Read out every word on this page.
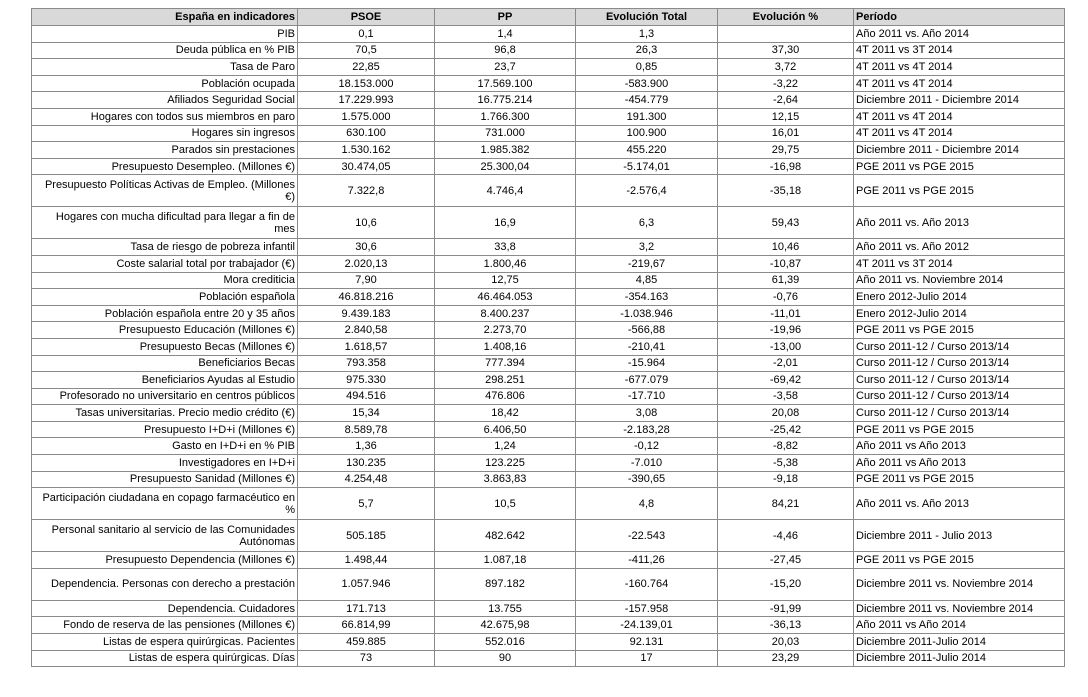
España en indicadores	PSOE	PP	Evolución Total	Evolución %	Período
PIB	0,1	1,4	1,3		Año 2011 vs. Año 2014
Deuda pública en % PIB	70,5	96,8	26,3	37,30	4T 2011 vs 3T 2014
Tasa de Paro	22,85	23,7	0,85	3,72	4T 2011 vs 4T 2014
Población ocupada	18.153.000	17.569.100	-583.900	-3,22	4T 2011 vs 4T 2014
Afiliados Seguridad Social	17.229.993	16.775.214	-454.779	-2,64	Diciembre 2011 - Diciembre 2014
Hogares con todos sus miembros en paro	1.575.000	1.766.300	191.300	12,15	4T 2011 vs 4T 2014
Hogares sin ingresos	630.100	731.000	100.900	16,01	4T 2011 vs 4T 2014
Parados sin prestaciones	1.530.162	1.985.382	455.220	29,75	Diciembre 2011 - Diciembre 2014
Presupuesto Desempleo. (Millones €)	30.474,05	25.300,04	-5.174,01	-16,98	PGE 2011 vs PGE 2015
Presupuesto Políticas Activas de Empleo. (Millones €)	7.322,8	4.746,4	-2.576,4	-35,18	PGE 2011 vs PGE 2015
Hogares con mucha dificultad para llegar a fin de mes	10,6	16,9	6,3	59,43	Año 2011 vs. Año 2013
Tasa de riesgo de pobreza infantil	30,6	33,8	3,2	10,46	Año 2011 vs. Año 2012
Coste salarial total por trabajador (€)	2.020,13	1.800,46	-219,67	-10,87	4T 2011 vs 3T 2014
Mora crediticia	7,90	12,75	4,85	61,39	Año 2011 vs. Noviembre 2014
Población española	46.818.216	46.464.053	-354.163	-0,76	Enero 2012-Julio 2014
Población española entre 20 y 35 años	9.439.183	8.400.237	-1.038.946	-11,01	Enero 2012-Julio 2014
Presupuesto Educación (Millones €)	2.840,58	2.273,70	-566,88	-19,96	PGE 2011 vs PGE 2015
Presupuesto Becas (Millones €)	1.618,57	1.408,16	-210,41	-13,00	Curso 2011-12 / Curso 2013/14
Beneficiarios Becas	793.358	777.394	-15.964	-2,01	Curso 2011-12 / Curso 2013/14
Beneficiarios Ayudas al Estudio	975.330	298.251	-677.079	-69,42	Curso 2011-12 / Curso 2013/14
Profesorado no universitario en centros públicos	494.516	476.806	-17.710	-3,58	Curso 2011-12 / Curso 2013/14
Tasas universitarias. Precio medio crédito (€)	15,34	18,42	3,08	20,08	Curso 2011-12 / Curso 2013/14
Presupuesto I+D+i (Millones €)	8.589,78	6.406,50	-2.183,28	-25,42	PGE 2011 vs PGE 2015
Gasto en I+D+i en % PIB	1,36	1,24	-0,12	-8,82	Año 2011 vs Año 2013
Investigadores en I+D+i	130.235	123.225	-7.010	-5,38	Año 2011 vs Año 2013
Presupuesto Sanidad (Millones €)	4.254,48	3.863,83	-390,65	-9,18	PGE 2011 vs PGE 2015
Participación ciudadana en copago farmacéutico en %	5,7	10,5	4,8	84,21	Año 2011 vs. Año 2013
Personal sanitario al servicio de las Comunidades Autónomas	505.185	482.642	-22.543	-4,46	Diciembre 2011 - Julio 2013
Presupuesto Dependencia (Millones €)	1.498,44	1.087,18	-411,26	-27,45	PGE 2011 vs PGE 2015
Dependencia. Personas con derecho a prestación	1.057.946	897.182	-160.764	-15,20	Diciembre 2011 vs. Noviembre 2014
Dependencia. Cuidadores	171.713	13.755	-157.958	-91,99	Diciembre 2011 vs. Noviembre 2014
Fondo de reserva de las pensiones (Millones €)	66.814,99	42.675,98	-24.139,01	-36,13	Año 2011 vs Año 2014
Listas de espera quirúrgicas. Pacientes	459.885	552.016	92.131	20,03	Diciembre 2011-Julio 2014
Listas de espera quirúrgicas. Días	73	90	17	23,29	Diciembre 2011-Julio 2014
